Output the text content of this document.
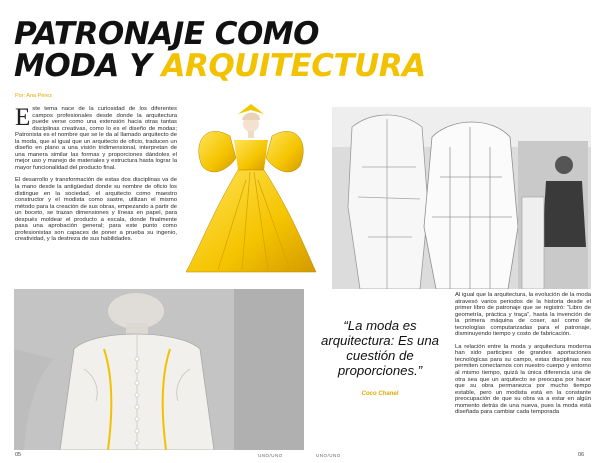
PATRONAJE COMO
MODA Y ARQUITECTURA
Por: Ana Pérez

Este tema nace de la curiosidad de los diferentes campos profesionales desde donde la arquitectura puede verse como una extensión hacia otras tantas disciplinas creativas, como lo es el diseño de modas; Patronista es el nombre que se le da al llamado arquitecto de la moda, que al igual que un arquitecto de oficio, traducen un diseño en plano a una visión tridimensional, interpretan de una manera similar las formas y proporciones dándoles el mejor uso y manejo de materiales y estructura hasta lograr la mayor funcionalidad del producto final.

El desarrollo y transformación de estas dos disciplinas va de la mano desde la antigüedad donde su nombre de oficio los distingue en la sociedad, el arquitecto como maestro constructor y el modista como sastre, utilizan el mismo método para la creación de sus obras, empezando a partir de un boceto, se trazan dimensiones y líneas en papel, para después moldear el producto a escala, donde finalmente pasa una aprobación general; para este punto como profesionistas son capaces de poner a prueba su ingenio, creatividad, y la destreza de sus habilidades.

“La moda es arquitectura: Es una cuestión de proporciones.”
Coco Chanel

Al igual que la arquitectura, la evolución de la moda atravesó varios periodos de la historia desde el primer libro de patronaje que se registró: “Libro de geometría, práctica y traça”, hasta la invención de la primera máquina de coser, así como de tecnologías computarizadas para el patronaje, disminuyendo tiempo y costo de fabricación.

La relación entre la moda y arquitectura moderna han sido participes de grandes aportaciones tecnológicas para su campo, estas disciplinas nos permiten conectarnos con nuestro cuerpo y entorno al mismo tiempo, quizá la única diferencia una de otra sea que un arquitecto se preocupa por hacer que su obra permanezca por mucho tiempo estable, pero un modista está en la constante preocupación de que su obra va a estar en algún momento detrás de una nueva, pues la moda está diseñada para cambiar cada temporada

05	UNO/UNO	UNO/UNO	06
